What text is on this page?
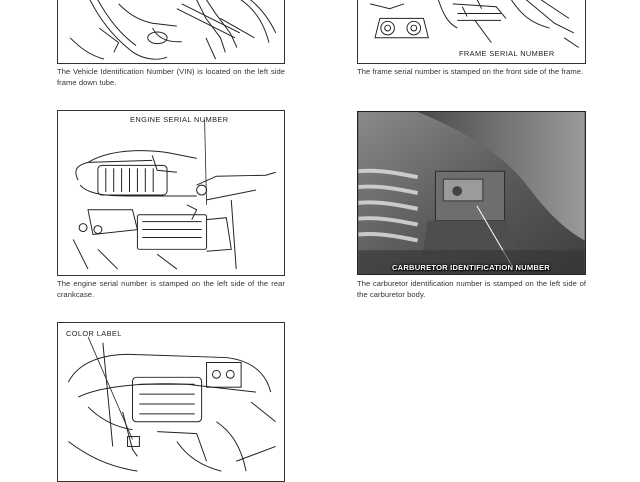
The Vehicle Identification Number (VIN) is located on the left side frame down tube.
FRAME SERIAL NUMBER
The frame serial number is stamped on the front side of the frame.
ENGINE SERIAL NUMBER
The engine serial number is stamped on the left side of the rear crankcase.
CARBURETOR IDENTIFICATION NUMBER
The carburetor identification number is stamped on the left side of the carburetor body.
COLOR LABEL
